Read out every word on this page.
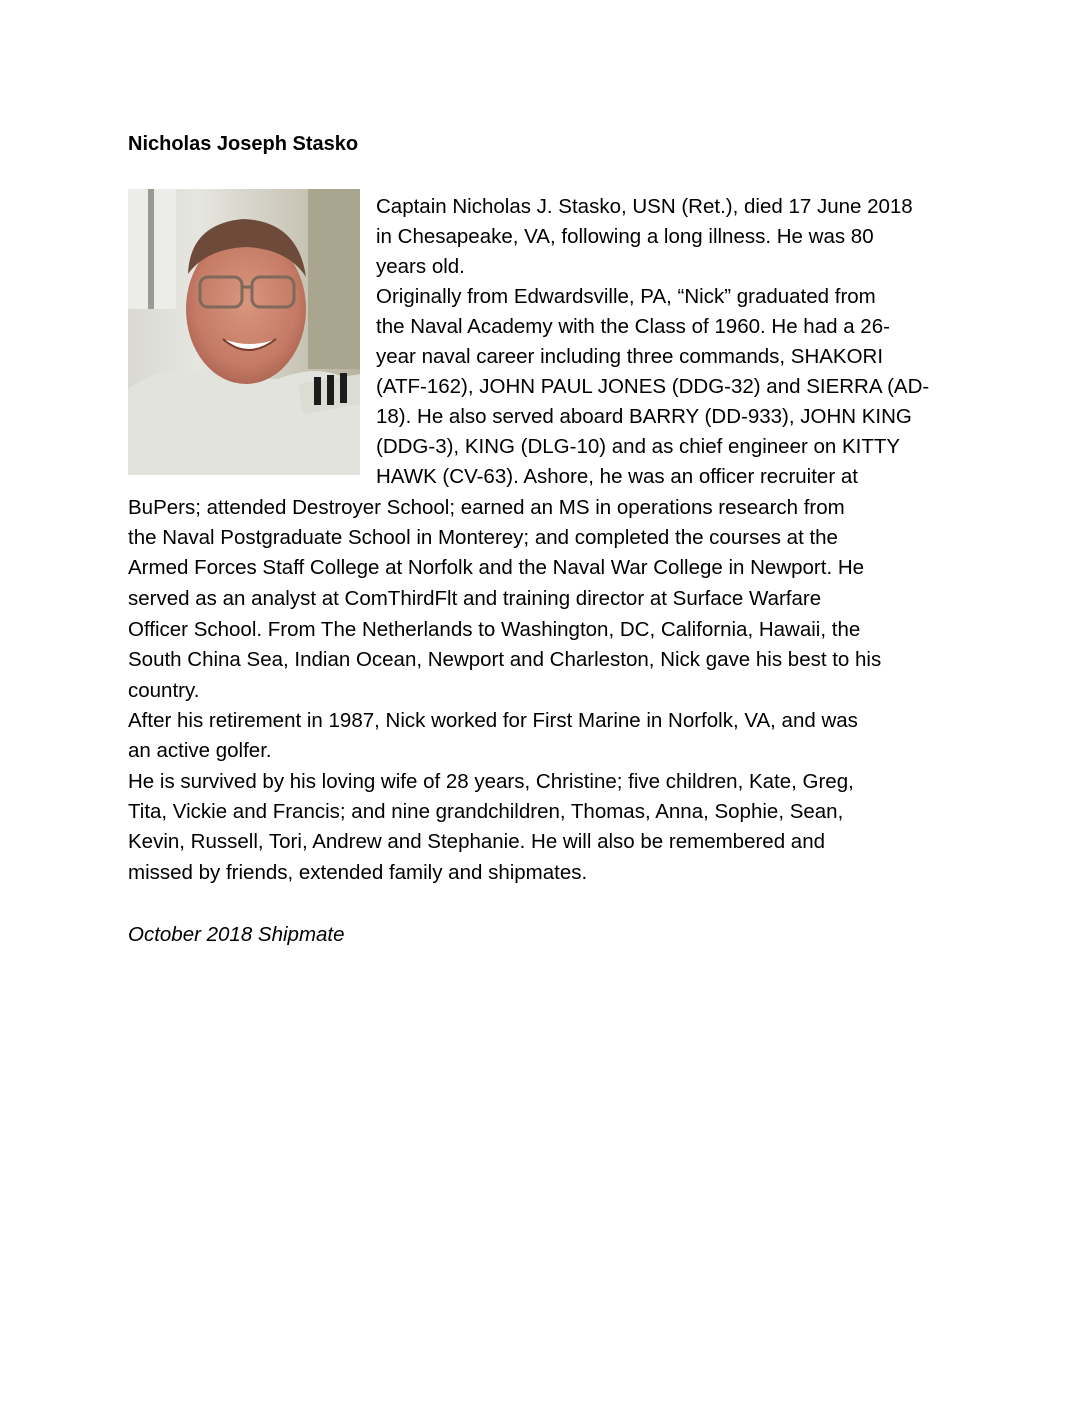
Nicholas Joseph Stasko
Captain Nicholas J. Stasko, USN (Ret.), died 17 June 2018
in Chesapeake, VA, following a long illness. He was 80
years old.
Originally from Edwardsville, PA, “Nick” graduated from
the Naval Academy with the Class of 1960. He had a 26-
year naval career including three commands, SHAKORI
(ATF-162), JOHN PAUL JONES (DDG-32) and SIERRA (AD-
18). He also served aboard BARRY (DD-933), JOHN KING
(DDG-3), KING (DLG-10) and as chief engineer on KITTY
HAWK (CV-63). Ashore, he was an officer recruiter at
BuPers; attended Destroyer School; earned an MS in operations research from
the Naval Postgraduate School in Monterey; and completed the courses at the
Armed Forces Staff College at Norfolk and the Naval War College in Newport. He
served as an analyst at ComThirdFlt and training director at Surface Warfare
Officer School. From The Netherlands to Washington, DC, California, Hawaii, the
South China Sea, Indian Ocean, Newport and Charleston, Nick gave his best to his
country.
After his retirement in 1987, Nick worked for First Marine in Norfolk, VA, and was
an active golfer.
He is survived by his loving wife of 28 years, Christine; five children, Kate, Greg,
Tita, Vickie and Francis; and nine grandchildren, Thomas, Anna, Sophie, Sean,
Kevin, Russell, Tori, Andrew and Stephanie. He will also be remembered and
missed by friends, extended family and shipmates.
October 2018 Shipmate
